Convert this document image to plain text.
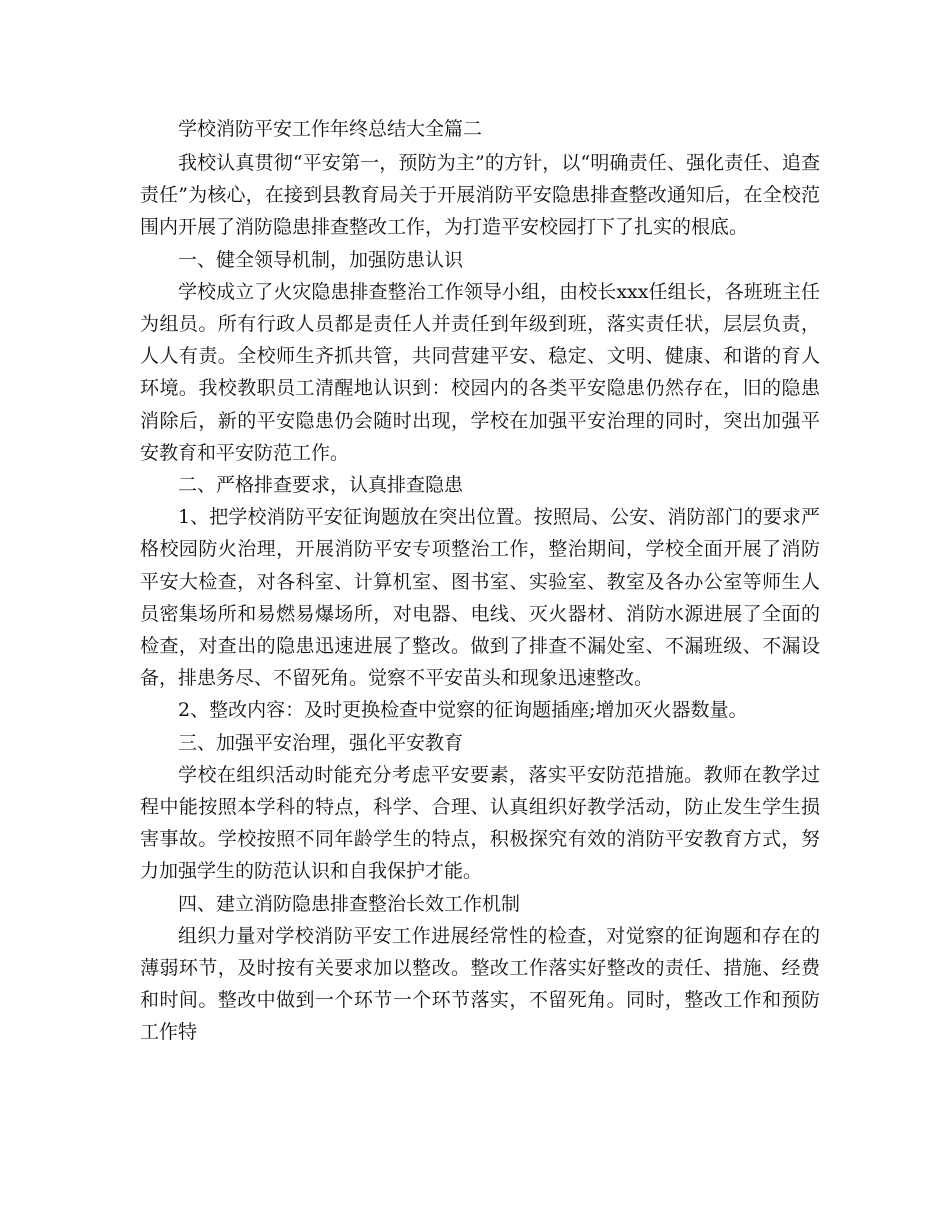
学校消防平安工作年终总结大全篇二

我校认真贯彻“平安第一，预防为主”的方针，以“明确责任、强化责任、追查责任”为核心，在接到县教育局关于开展消防平安隐患排查整改通知后，在全校范围内开展了消防隐患排查整改工作，为打造平安校园打下了扎实的根底。

一、健全领导机制，加强防患认识

学校成立了火灾隐患排查整治工作领导小组，由校长xxx任组长，各班班主任为组员。所有行政人员都是责任人并责任到年级到班，落实责任状，层层负责，人人有责。全校师生齐抓共管，共同营建平安、稳定、文明、健康、和谐的育人环境。我校教职员工清醒地认识到：校园内的各类平安隐患仍然存在，旧的隐患消除后，新的平安隐患仍会随时出现，学校在加强平安治理的同时，突出加强平安教育和平安防范工作。

二、严格排查要求，认真排查隐患

1、把学校消防平安征询题放在突出位置。按照局、公安、消防部门的要求严格校园防火治理，开展消防平安专项整治工作，整治期间，学校全面开展了消防平安大检查，对各科室、计算机室、图书室、实验室、教室及各办公室等师生人员密集场所和易燃易爆场所，对电器、电线、灭火器材、消防水源进展了全面的检查，对查出的隐患迅速进展了整改。做到了排查不漏处室、不漏班级、不漏设备，排患务尽、不留死角。觉察不平安苗头和现象迅速整改。

2、整改内容：及时更换检查中觉察的征询题插座;增加灭火器数量。

三、加强平安治理，强化平安教育

学校在组织活动时能充分考虑平安要素，落实平安防范措施。教师在教学过程中能按照本学科的特点，科学、合理、认真组织好教学活动，防止发生学生损害事故。学校按照不同年龄学生的特点，积极探究有效的消防平安教育方式，努力加强学生的防范认识和自我保护才能。

四、建立消防隐患排查整治长效工作机制

组织力量对学校消防平安工作进展经常性的检查，对觉察的征询题和存在的薄弱环节，及时按有关要求加以整改。整改工作落实好整改的责任、措施、经费和时间。整改中做到一个环节一个环节落实，不留死角。同时，整改工作和预防工作特
